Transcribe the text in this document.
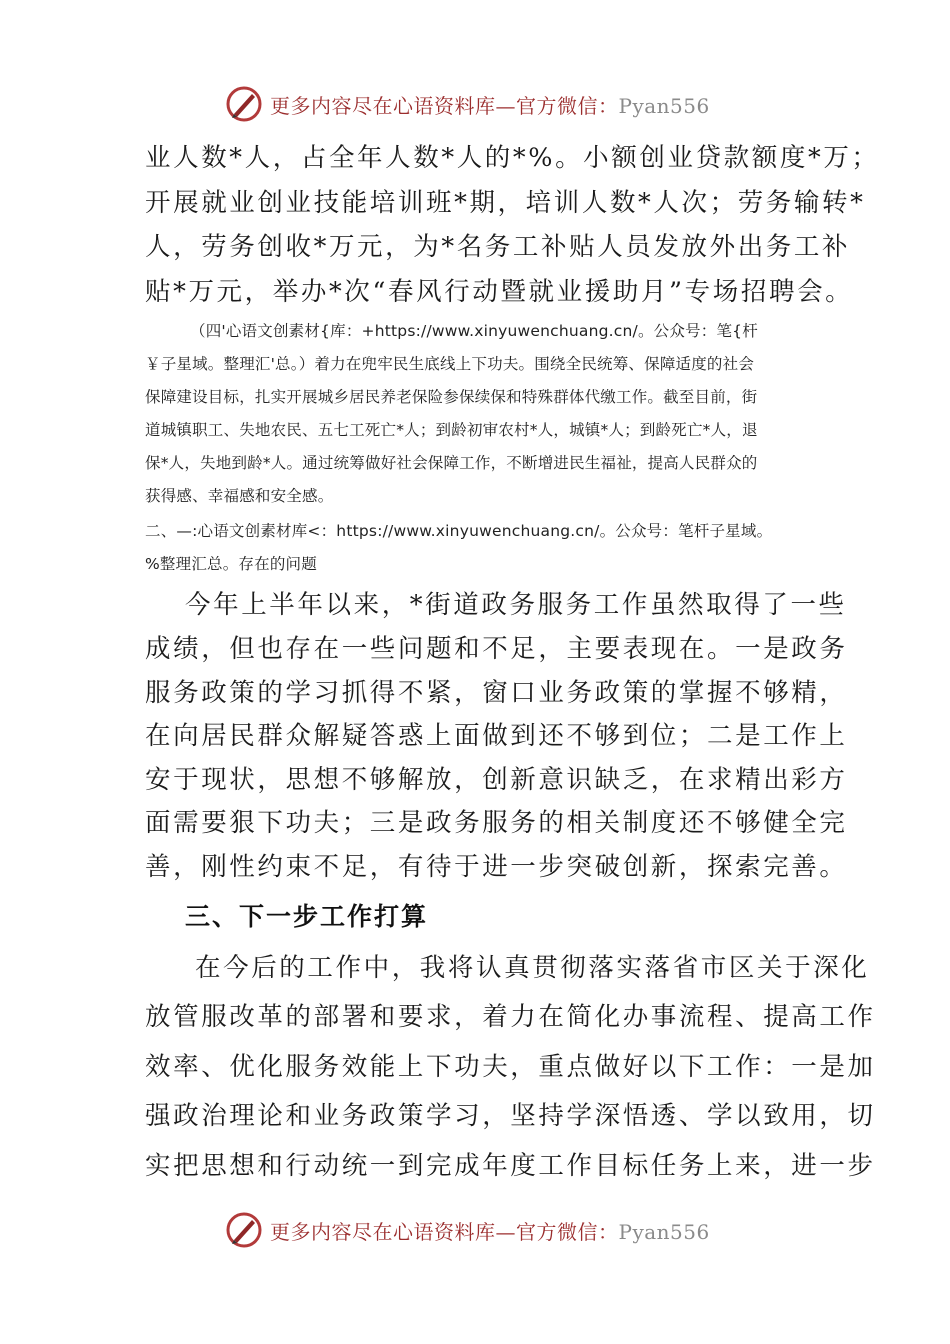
更多内容尽在心语资料库—官方微信：Pyan556
业人数*人，占全年人数*人的*%。小额创业贷款额度*万；
开展就业创业技能培训班*期，培训人数*人次；劳务输转*
人，劳务创收*万元，为*名务工补贴人员发放外出务工补
贴*万元，举办*次“春风行动暨就业援助月”专场招聘会。
（四'心语文创素材{库：+https://www.xinyuwenchuang.cn/。公众号：笔{杆
￥子星域。整理汇'总。）着力在兜牢民生底线上下功夫。围绕全民统筹、保障适度的社会
保障建设目标，扎实开展城乡居民养老保险参保续保和特殊群体代缴工作。截至目前，街
道城镇职工、失地农民、五七工死亡*人；到龄初审农村*人，城镇*人；到龄死亡*人，退
保*人，失地到龄*人。通过统筹做好社会保障工作，不断增进民生福祉，提高人民群众的
获得感、幸福感和安全感。
二、—:心语文创素材库<：https://www.xinyuwenchuang.cn/。公众号：笔杆子星域。
%整理汇总。存在的问题
今年上半年以来，*街道政务服务工作虽然取得了一些
成绩，但也存在一些问题和不足，主要表现在。一是政务
服务政策的学习抓得不紧，窗口业务政策的掌握不够精，
在向居民群众解疑答惑上面做到还不够到位；二是工作上
安于现状，思想不够解放，创新意识缺乏，在求精出彩方
面需要狠下功夫；三是政务服务的相关制度还不够健全完
善，刚性约束不足，有待于进一步突破创新，探索完善。
三、下一步工作打算
在今后的工作中，我将认真贯彻落实落省市区关于深化
放管服改革的部署和要求，着力在简化办事流程、提高工作
效率、优化服务效能上下功夫，重点做好以下工作：一是加
强政治理论和业务政策学习，坚持学深悟透、学以致用，切
实把思想和行动统一到完成年度工作目标任务上来，进一步
更多内容尽在心语资料库—官方微信：Pyan556
